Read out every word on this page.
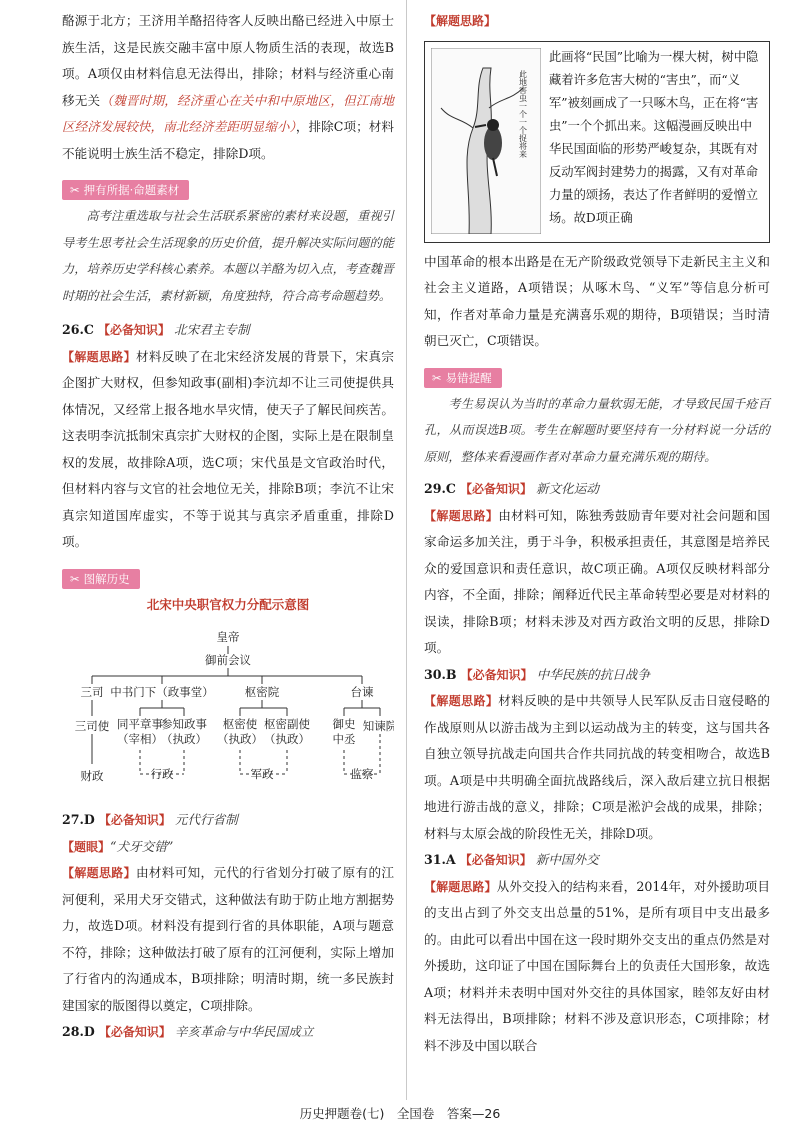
酪源于北方；王济用羊酪招待客人反映出酪已经进入中原士族生活，这是民族交融丰富中原人物质生活的表现，故选B项。A项仅由材料信息无法得出，排除；材料与经济重心南移无关（魏晋时期，经济重心在关中和中原地区，但江南地区经济发展较快，南北经济差距明显缩小），排除C项；材料不能说明士族生活不稳定，排除D项。

✂ 押有所据·命题素材

高考注重选取与社会生活联系紧密的素材来设题，重视引导考生思考社会生活现象的历史价值，提升解决实际问题的能力，培养历史学科核心素养。本题以羊酪为切入点，考查魏晋时期的社会生活，素材新颖，角度独特，符合高考命题趋势。

26.C 【必备知识】 北宋君主专制

【解题思路】材料反映了在北宋经济发展的背景下，宋真宗企图扩大财权，但参知政事(副相)李沆却不让三司使提供具体情况，又经常上报各地水旱灾情，使天子了解民间疾苦。这表明李沆抵制宋真宗扩大财权的企图，实际上是在限制皇权的发展，故排除A项，选C项；宋代虽是文官政治时代，但材料内容与文官的社会地位无关，排除B项；李沆不让宋真宗知道国库虚实，不等于说其与真宗矛盾重重，排除D项。

✂ 图解历史
北宋中央职官权力分配示意图
皇帝
御前会议
三司 中书门下（政事堂）	枢密院	台谏
三司使 同平章事
（宰相）
参知政事
（执政）
枢密使
（执政）
枢密副使
（执政）
御史
中丞
知谏院
财政	行政	军政	监察

27.D 【必备知识】 元代行省制

【题眼】“犬牙交错”

【解题思路】由材料可知，元代的行省划分打破了原有的江河便利，采用犬牙交错式，这种做法有助于防止地方割据势力，故选D项。材料没有提到行省的具体职能，A项与题意不符，排除；这种做法打破了原有的江河便利，实际上增加了行省内的沟通成本，B项排除；明清时期，统一多民族封建国家的版图得以奠定，C项排除。

28.D 【必备知识】 辛亥革命与中华民国成立

【解题思路】

此地害虫一个一个捉将来
此画将“民国”比喻为一棵大树，树中隐藏着许多危害大树的“害虫”，而“义军”被刻画成了一只啄木鸟，正在将“害虫”一个个抓出来。这幅漫画反映出中华民国面临的形势严峻复杂，其既有对反动军阀封建势力的揭露，又有对革命力量的颂扬，表达了作者鲜明的爱憎立场。故D项正确

中国革命的根本出路是在无产阶级政党领导下走新民主主义和社会主义道路，A项错误；从啄木鸟、“义军”等信息分析可知，作者对革命力量是充满喜乐观的期待，B项错误；当时清朝已灭亡，C项错误。

✂ 易错提醒

考生易误认为当时的革命力量软弱无能，才导致民国千疮百孔，从而误选B项。考生在解题时要坚持有一分材料说一分话的原则，整体来看漫画作者对革命力量充满乐观的期待。

29.C 【必备知识】 新文化运动

【解题思路】由材料可知，陈独秀鼓励青年要对社会问题和国家命运多加关注，勇于斗争，积极承担责任，其意图是培养民众的爱国意识和责任意识，故C项正确。A项仅反映材料部分内容，不全面，排除；阐释近代民主革命转型必要是对材料的误读，排除B项；材料未涉及对西方政治文明的反思，排除D项。

30.B 【必备知识】 中华民族的抗日战争

【解题思路】材料反映的是中共领导人民军队反击日寇侵略的作战原则从以游击战为主到以运动战为主的转变，这与国共各自独立领导抗战走向国共合作共同抗战的转变相吻合，故选B项。A项是中共明确全面抗战路线后，深入敌后建立抗日根据地进行游击战的意义，排除；C项是淞沪会战的成果，排除；材料与太原会战的阶段性无关，排除D项。

31.A 【必备知识】 新中国外交

【解题思路】从外交投入的结构来看，2014年，对外援助项目的支出占到了外交支出总量的51%，是所有项目中支出最多的。由此可以看出中国在这一段时期外交支出的重点仍然是对外援助，这印证了中国在国际舞台上的负责任大国形象，故选A项；材料并未表明中国对外交往的具体国家，睦邻友好由材料无法得出，B项排除；材料不涉及意识形态，C项排除；材料不涉及中国以联合

历史押题卷(七)　全国卷　答案—26
